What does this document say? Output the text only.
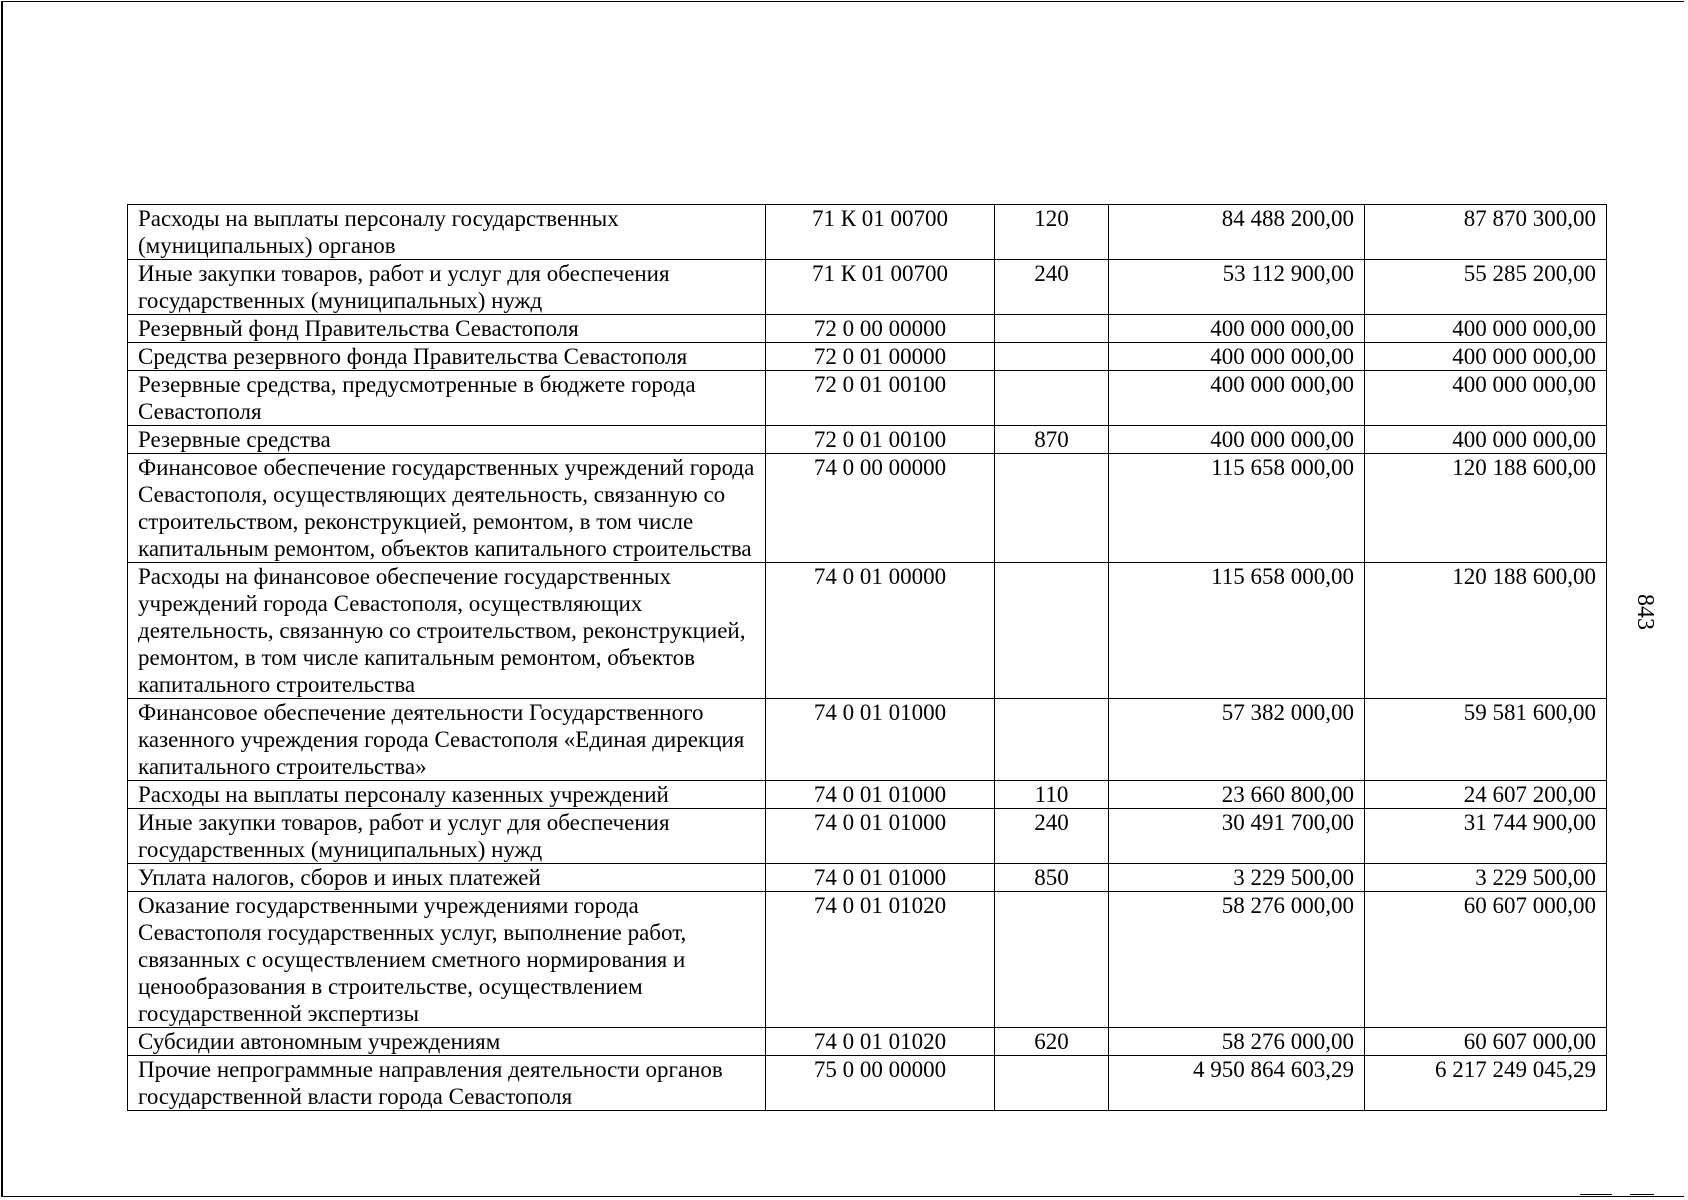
Расходы на выплаты персоналу государственных (муниципальных) органов	71 К 01 00700	120	84 488 200,00	87 870 300,00
Иные закупки товаров, работ и услуг для обеспечения государственных (муниципальных) нужд	71 К 01 00700	240	53 112 900,00	55 285 200,00
Резервный фонд Правительства Севастополя	72 0 00 00000		400 000 000,00	400 000 000,00
Средства резервного фонда Правительства Севастополя	72 0 01 00000		400 000 000,00	400 000 000,00
Резервные средства, предусмотренные в бюджете города Севастополя	72 0 01 00100		400 000 000,00	400 000 000,00
Резервные средства	72 0 01 00100	870	400 000 000,00	400 000 000,00
Финансовое обеспечение государственных учреждений города Севастополя, осуществляющих деятельность, связанную со строительством, реконструкцией, ремонтом, в том числе капитальным ремонтом, объектов капитального строительства	74 0 00 00000		115 658 000,00	120 188 600,00
Расходы на финансовое обеспечение государственных учреждений города Севастополя, осуществляющих деятельность, связанную со строительством, реконструкцией, ремонтом, в том числе капитальным ремонтом, объектов капитального строительства	74 0 01 00000		115 658 000,00	120 188 600,00
Финансовое обеспечение деятельности Государственного казенного учреждения города Севастополя «Единая дирекция капитального строительства»	74 0 01 01000		57 382 000,00	59 581 600,00
Расходы на выплаты персоналу казенных учреждений	74 0 01 01000	110	23 660 800,00	24 607 200,00
Иные закупки товаров, работ и услуг для обеспечения государственных (муниципальных) нужд	74 0 01 01000	240	30 491 700,00	31 744 900,00
Уплата налогов, сборов и иных платежей	74 0 01 01000	850	3 229 500,00	3 229 500,00
Оказание государственными учреждениями города Севастополя государственных услуг, выполнение работ, связанных с осуществлением сметного нормирования и ценообразования в строительстве, осуществлением государственной экспертизы	74 0 01 01020		58 276 000,00	60 607 000,00
Субсидии автономным учреждениям	74 0 01 01020	620	58 276 000,00	60 607 000,00
Прочие непрограммные направления деятельности органов государственной власти города Севастополя	75 0 00 00000		4 950 864 603,29	6 217 249 045,29
843
